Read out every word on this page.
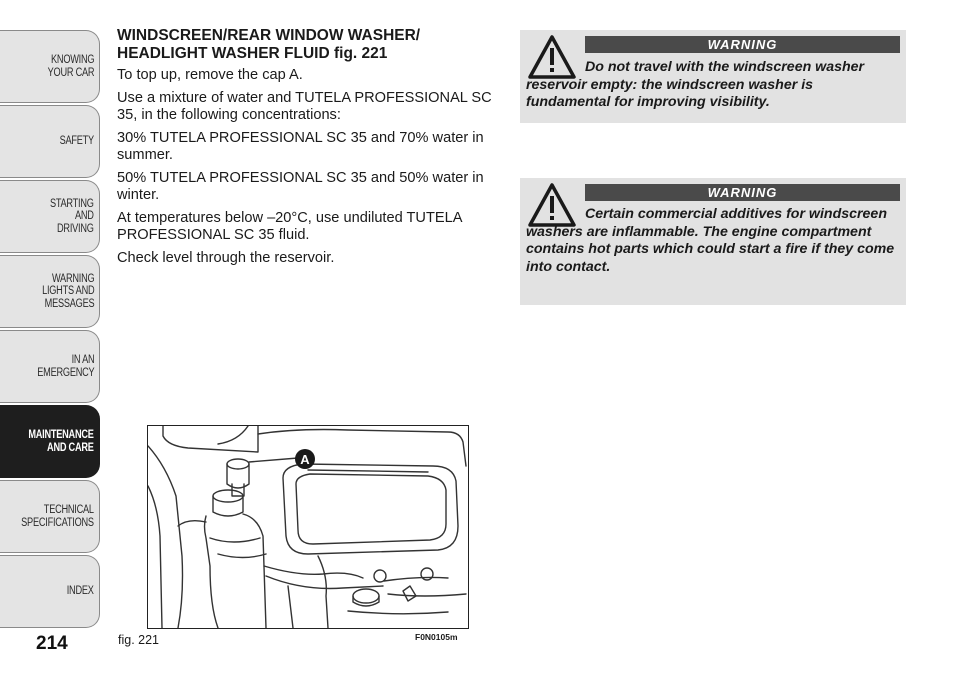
KNOWING
YOUR CAR
SAFETY
STARTING
AND
DRIVING
WARNING
LIGHTS AND
MESSAGES
IN AN
EMERGENCY
MAINTENANCE
AND CARE
TECHNICAL
SPECIFICATIONS
INDEX
214
WINDSCREEN/REAR WINDOW WASHER/ HEADLIGHT WASHER FLUID fig. 221

To top up, remove the cap A.

Use a mixture of water and TUTELA PROFESSIONAL SC 35, in the following concentrations:

30% TUTELA PROFESSIONAL SC 35 and 70% water in summer.

50% TUTELA PROFESSIONAL SC 35 and 50% water in winter.

At temperatures below –20°C, use undiluted TUTELA PROFESSIONAL SC 35 fluid.

Check level through the reservoir.

WARNING
Do not travel with the windscreen washer reservoir empty: the windscreen washer is fundamental for improving visibility.
WARNING
Certain commercial additives for windscreen washers are inflammable. The engine compartment contains hot parts which could start a fire if they come into contact.
A
fig. 221	F0N0105m
